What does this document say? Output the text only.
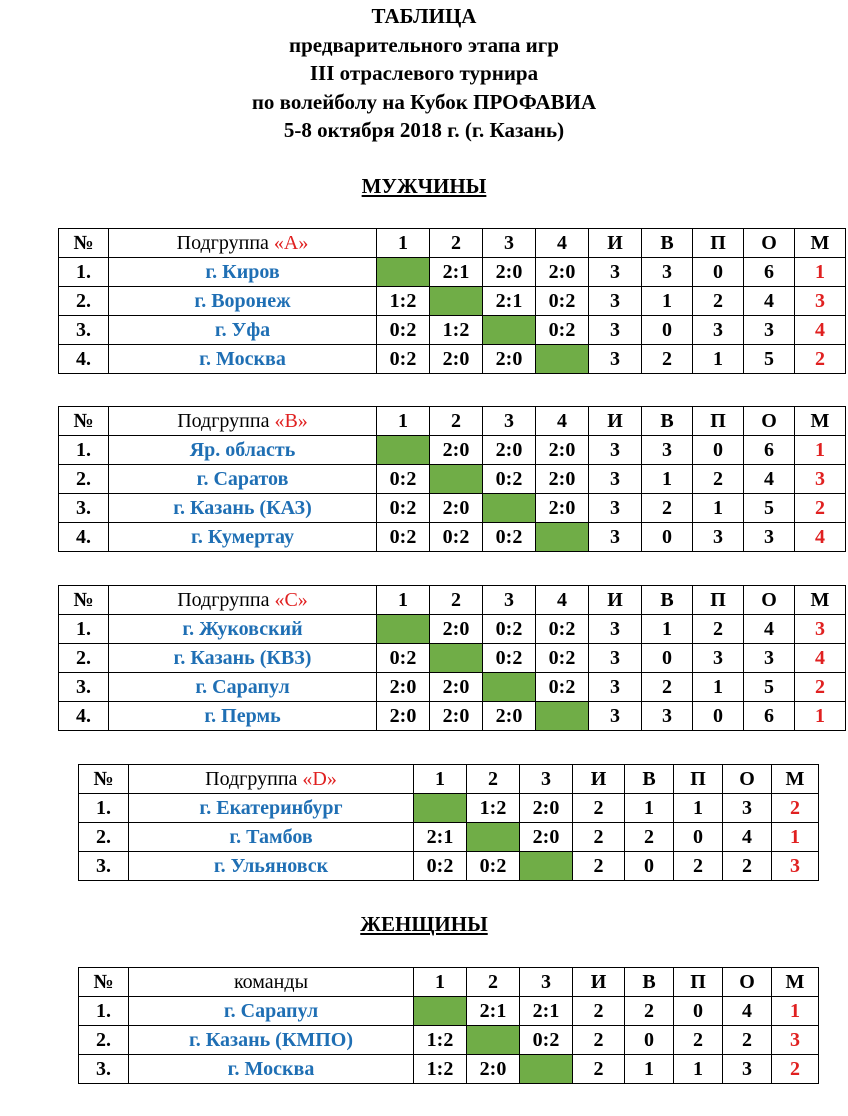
ТАБЛИЦА
предварительного этапа игр
III отраслевого турнира
по волейболу на Кубок ПРОФАВИА
5-8 октября 2018 г. (г. Казань)
МУЖЧИНЫ
№	Подгруппа «А»	1	2	3	4	И	В	П	О	М
1.	г. Киров		2:1	2:0	2:0	3	3	0	6	1
2.	г. Воронеж	1:2		2:1	0:2	3	1	2	4	3
3.	г. Уфа	0:2	1:2		0:2	3	0	3	3	4
4.	г. Москва	0:2	2:0	2:0		3	2	1	5	2
№	Подгруппа «В»	1	2	3	4	И	В	П	О	М
1.	Яр. область		2:0	2:0	2:0	3	3	0	6	1
2.	г. Саратов	0:2		0:2	2:0	3	1	2	4	3
3.	г. Казань (КАЗ)	0:2	2:0		2:0	3	2	1	5	2
4.	г. Кумертау	0:2	0:2	0:2		3	0	3	3	4
№	Подгруппа «С»	1	2	3	4	И	В	П	О	М
1.	г. Жуковский		2:0	0:2	0:2	3	1	2	4	3
2.	г. Казань (КВЗ)	0:2		0:2	0:2	3	0	3	3	4
3.	г. Сарапул	2:0	2:0		0:2	3	2	1	5	2
4.	г. Пермь	2:0	2:0	2:0		3	3	0	6	1
№	Подгруппа «D»	1	2	3	И	В	П	О	М
1.	г. Екатеринбург		1:2	2:0	2	1	1	3	2
2.	г. Тамбов	2:1		2:0	2	2	0	4	1
3.	г. Ульяновск	0:2	0:2		2	0	2	2	3
ЖЕНЩИНЫ
№	команды	1	2	3	И	В	П	О	М
1.	г. Сарапул		2:1	2:1	2	2	0	4	1
2.	г. Казань (КМПО)	1:2		0:2	2	0	2	2	3
3.	г. Москва	1:2	2:0		2	1	1	3	2
